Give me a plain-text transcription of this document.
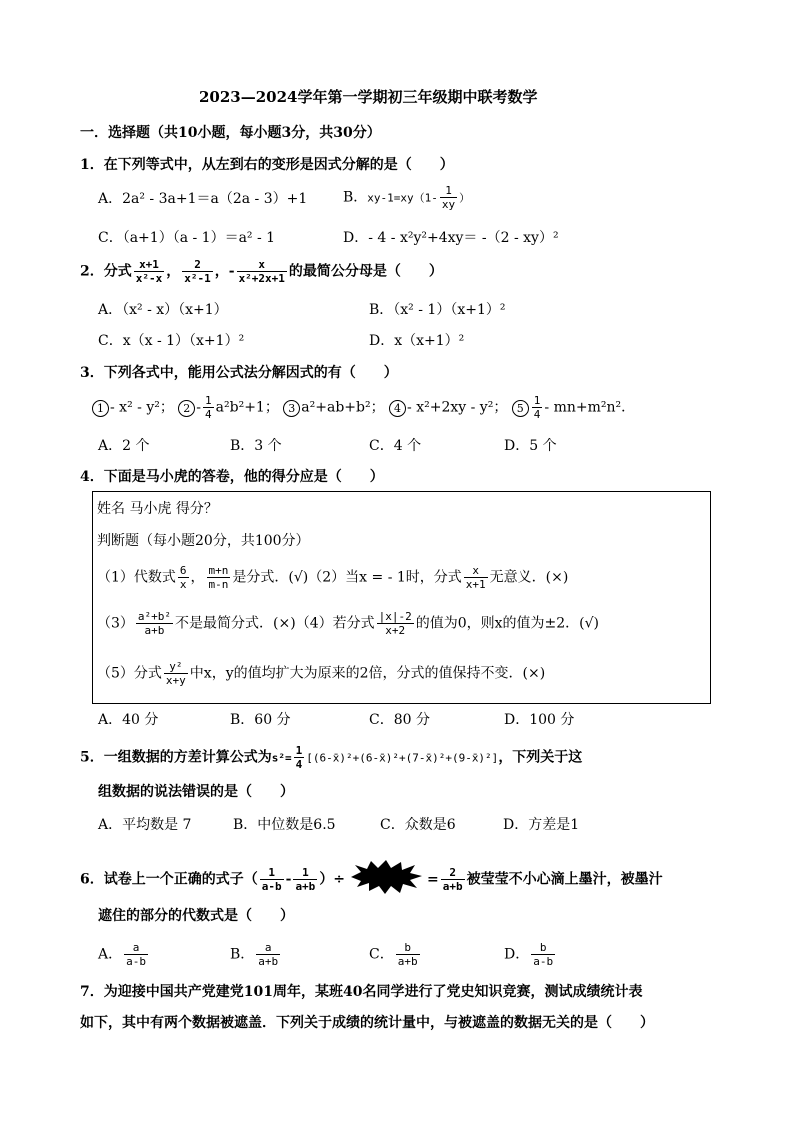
2023—2024学年第一学期初三年级期中联考数学
一．选择题（共10小题，每小题3分，共30分）
1．在下列等式中，从左到右的变形是因式分解的是（　　）
A．2a² - 3a+1＝a（2a - 3）+1	B．$xy-1=xy(1- \frac{1}{xy}$ ）
C．（a+1）（a - 1）＝a² - 1	D．- 4 - x²y²+4xy＝ -（2 - xy）²
2．分式 $\frac{x+1}{\text{x²-x}}$ ， $\frac{2}{\text{x²-1}}$ ，- $\frac{x}{\text{x²+2x+1}}$ 的最简公分母是（　　）
A．（x² - x）（x+1）	B．（x² - 1）（x+1）²
C．x（x - 1）（x+1）²	D．x（x+1）²
3．下列各式中，能用公式法分解因式的有（　　）
1 - x² - y²； $2 - \frac{1}{4} a^2b^2+1$； 3 a²+ab+b²； 4 - x²+2xy - y²； $5 \frac{1}{4} - mn+m^2n^2$．
A．2 个	B．3 个	C．4 个	D．5 个
4．下面是马小虎的答卷，他的得分应是（　　）
姓名 马小虎 得分？
判断题（每小题20分，共100分）
（1）代数式 $\frac{6}{x}$ ， $\frac{m+n}{m-n}$ 是分式．(√)（2）当x = - 1时，分式 $\frac{x}{x+1}$ 无意义．(×)
$(3) \frac{\text{a²+b²}}{a+b}$ 不是最简分式．(×)（4）若分式 $\frac{|x|-2}{x+2}$ 的值为0，则x的值为±2．(√)
（5）分式 $\frac{\text{y²}}{x+y}$ 中x，y的值均扩大为原来的2倍，分式的值保持不变．(×)
A．40 分	B．60 分	C．80 分	D．100 分
5．一组数据的方差计算公式为$s^2= \frac{1}{4}$ [(6-x̄)²+(6-x̄)²+(7-x̄)²+(9-x̄)²]，下列关于这
组数据的说法错误的是（　　）
A．平均数是 7	B．中位数是6.5	C．众数是6	D．方差是1
6．试卷上一个正确的式子（ $\frac{1}{a-b} - \frac{1}{a+b}$ ）÷	= $\frac{2}{a+b}$ 被莹莹不小心滴上墨汁，被墨汁
遮住的部分的代数式是（　　）
A． $\frac{a}{a-b}$	B． $\frac{a}{a+b}$	C． $\frac{b}{a+b}$	D． $\frac{b}{a-b}$
7．为迎接中国共产党建党101周年，某班40名同学进行了党史知识竞赛，测试成绩统计表
如下，其中有两个数据被遮盖．下列关于成绩的统计量中，与被遮盖的数据无关的是（　　）
